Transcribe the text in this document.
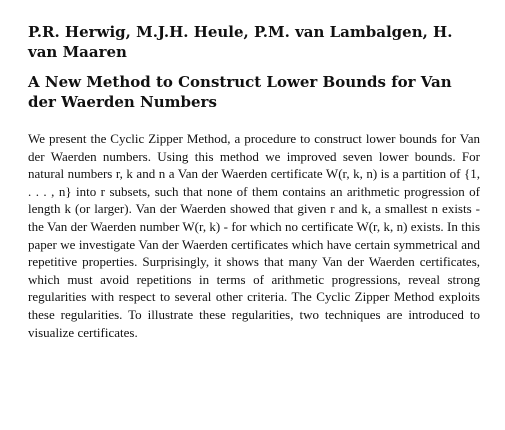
P.R. Herwig, M.J.H. Heule, P.M. van Lambalgen, H. van Maaren

A New Method to Construct Lower Bounds for Van der Waerden Numbers

We present the Cyclic Zipper Method, a procedure to construct lower bounds for Van der Waerden numbers. Using this method we improved seven lower bounds. For natural numbers r, k and n a Van der Waerden certificate W(r, k, n) is a partition of {1, . . . , n} into r subsets, such that none of them contains an arithmetic progression of length k (or larger). Van der Waerden showed that given r and k, a smallest n exists - the Van der Waerden number W(r, k) - for which no certificate W(r, k, n) exists. In this paper we investigate Van der Waerden certificates which have certain symmetrical and repetitive properties. Surprisingly, it shows that many Van der Waerden certificates, which must avoid repetitions in terms of arithmetic progressions, reveal strong regularities with respect to several other criteria. The Cyclic Zipper Method exploits these regularities. To illustrate these regularities, two techniques are introduced to visualize certificates.
